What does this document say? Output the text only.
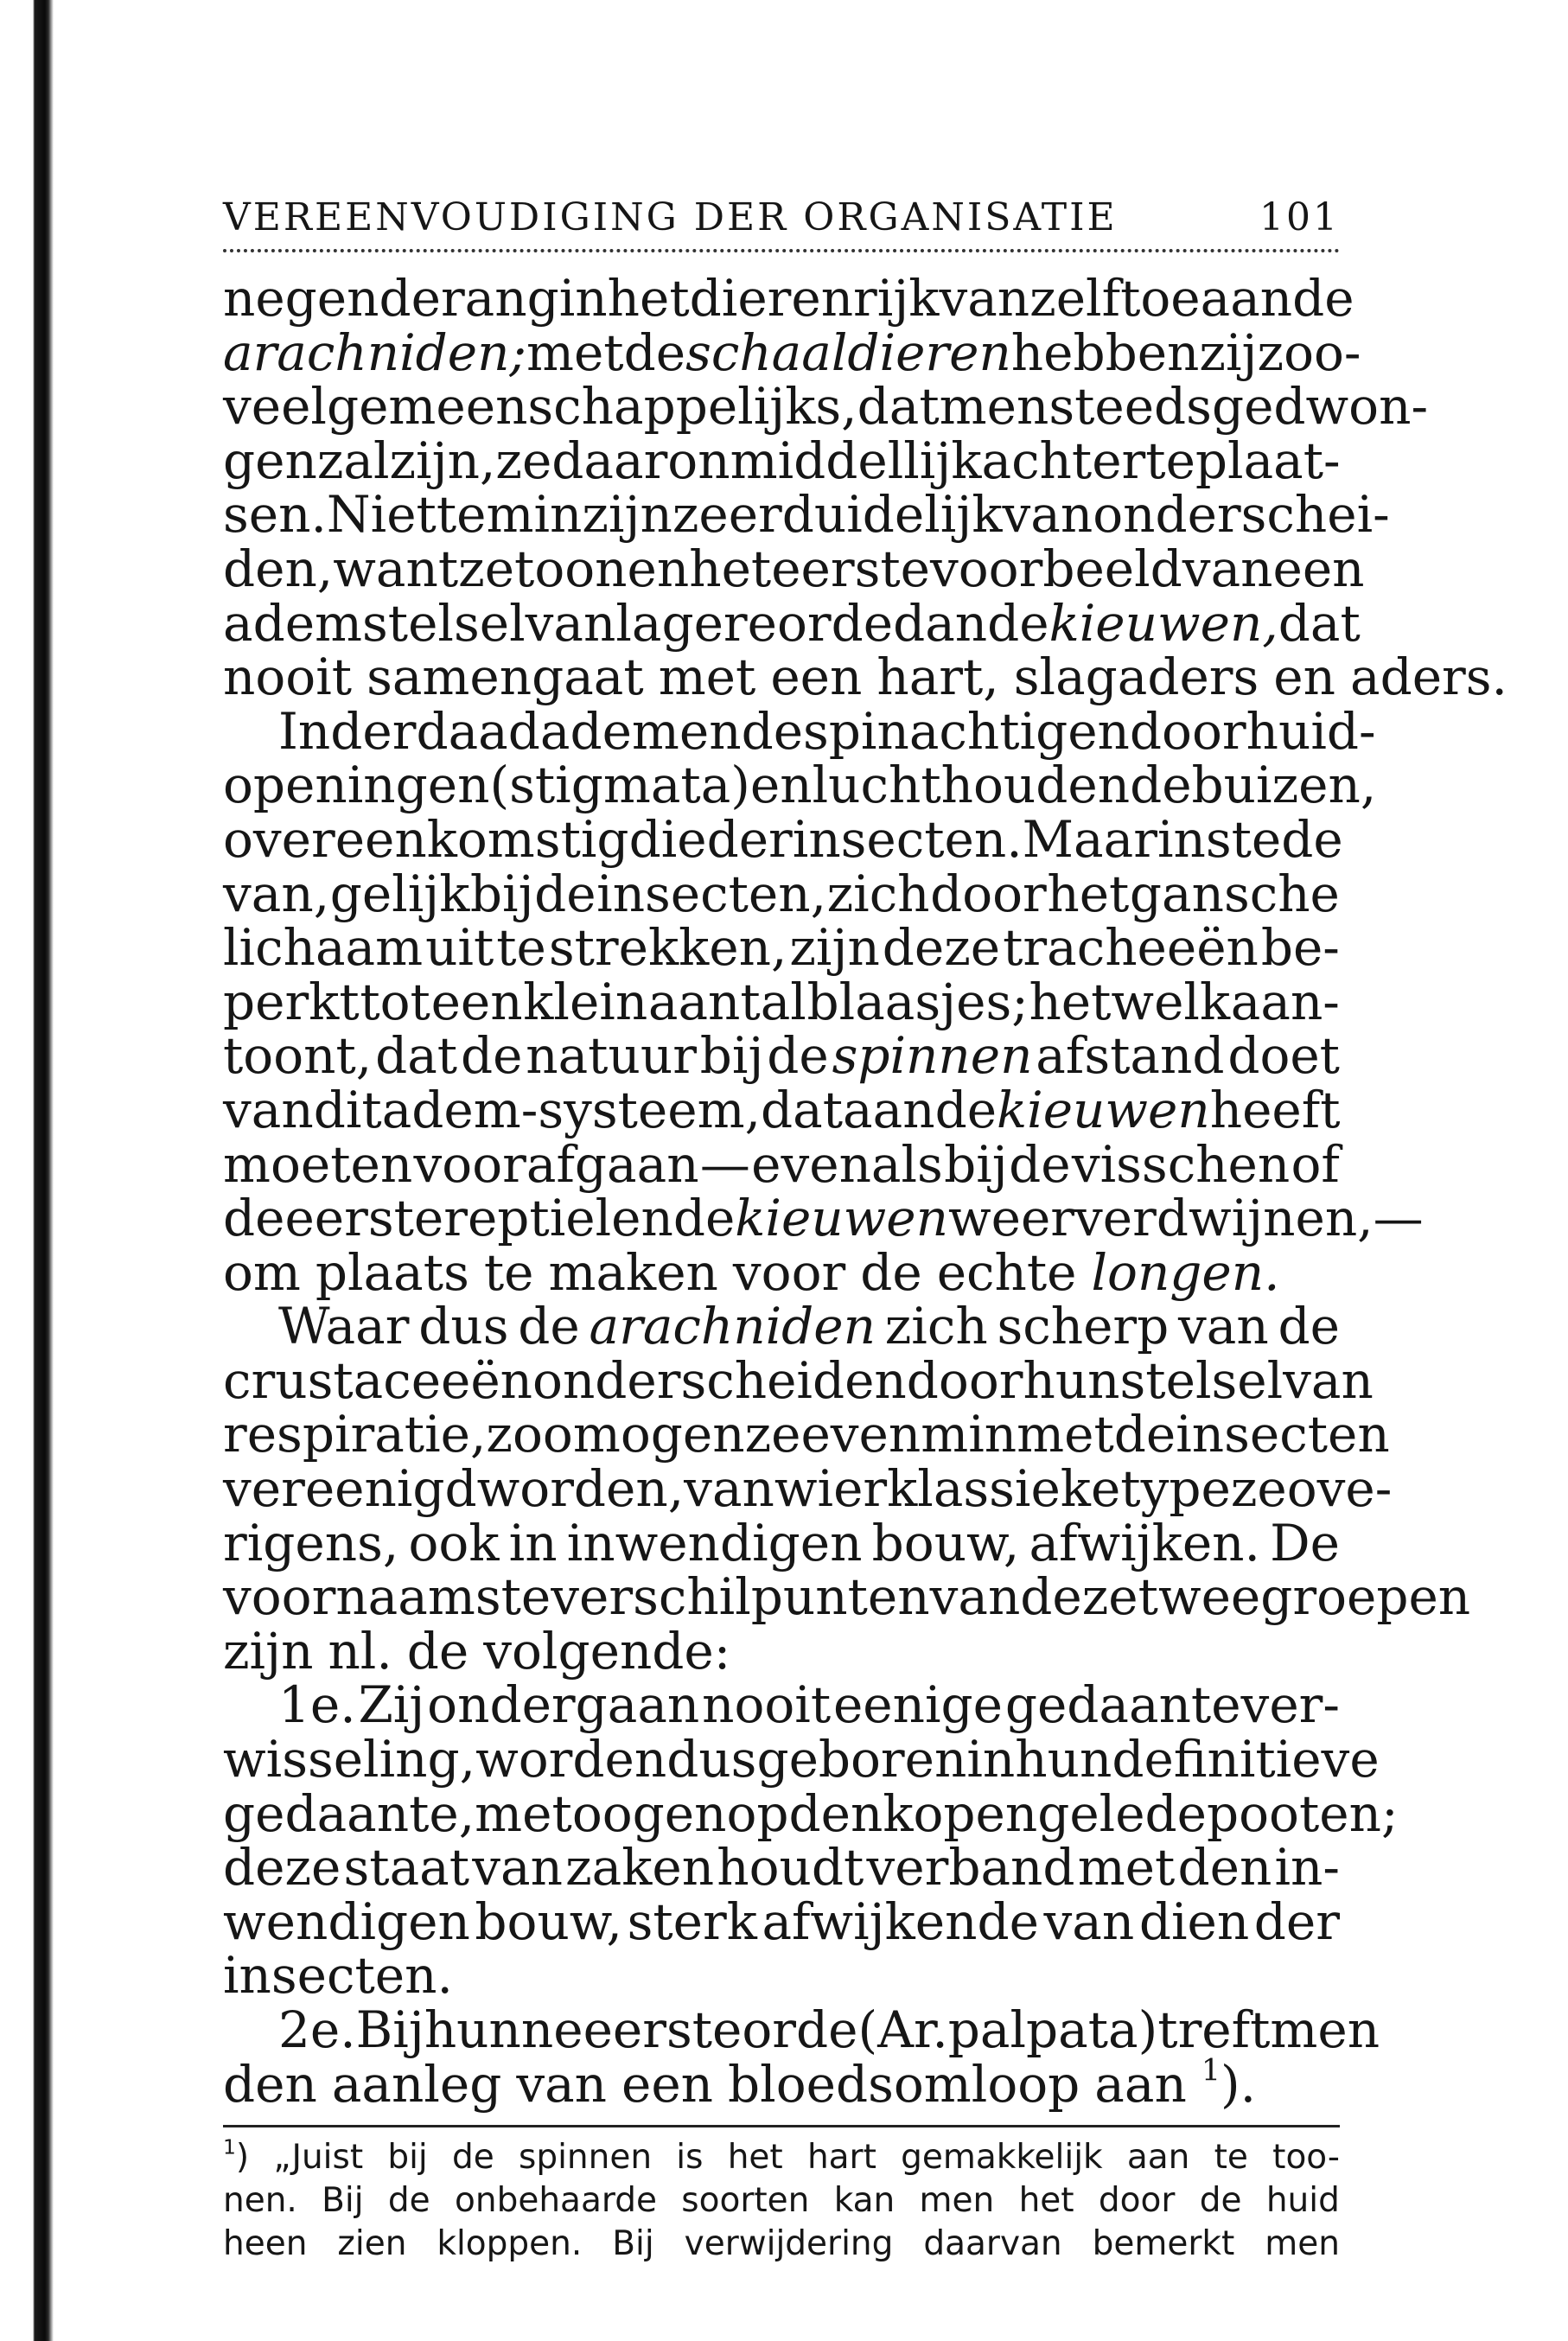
VEREENVOUDIGING DER ORGANISATIE	101
negende rang in het dierenrijk van zelf toe aan de
arachniden; met de schaaldieren hebben zij zoo-
veel gemeenschappelijks, dat men steeds gedwon-
gen zal zijn, ze daar onmiddellijk achter te plaat-
sen. Niettemin zijn ze er duidelijk van onderschei-
den, want ze toonen het eerste voorbeeld van een
ademstelsel van lagere orde dan de kieuwen, dat
nooit samengaat met een hart, slagaders en aders.
Inderdaad ademen de spinachtigen door huid-
openingen (stigmata) en luchthoudende buizen,
overeenkomstig die der insecten. Maar in stede
van, gelijk bij de insecten, zich door het gansche
lichaam uit te strekken, zijn deze tracheeën be-
perkt tot een klein aantal blaasjes; hetwelk aan-
toont, dat de natuur bij de spinnen afstand doet
van dit adem-systeem, dat aan de kieuwen heeft
moeten voorafgaan — evenals bij de visschen of
de eerste reptielen de kieuwen weer verdwijnen, —
om plaats te maken voor de echte longen.
Waar dus de arachniden zich scherp van de
crustaceeën onderscheiden door hun stelsel van
respiratie, zoo mogen ze evenmin met de insecten
vereenigd worden, van wier klassieke type ze ove-
rigens, ook in inwendigen bouw, afwijken. De
voornaamste verschilpunten van deze twee groepen
zijn nl. de volgende:
1e. Zij ondergaan nooit eenige gedaantever-
wisseling, worden dus geboren in hun definitieve
gedaante, met oogen op den kop en gelede pooten;
deze staat van zaken houdt verband met den in-
wendigen bouw, sterk afwijkende van dien der
insecten.
2e. Bij hunne eerste orde (Ar. palpata) treft men
den aanleg van een bloedsomloop aan $^1$).
$^1$) „Juist bij de spinnen is het hart gemakkelijk aan te too-
nen. Bij de onbehaarde soorten kan men het door de huid
heen zien kloppen. Bij verwijdering daarvan bemerkt men
